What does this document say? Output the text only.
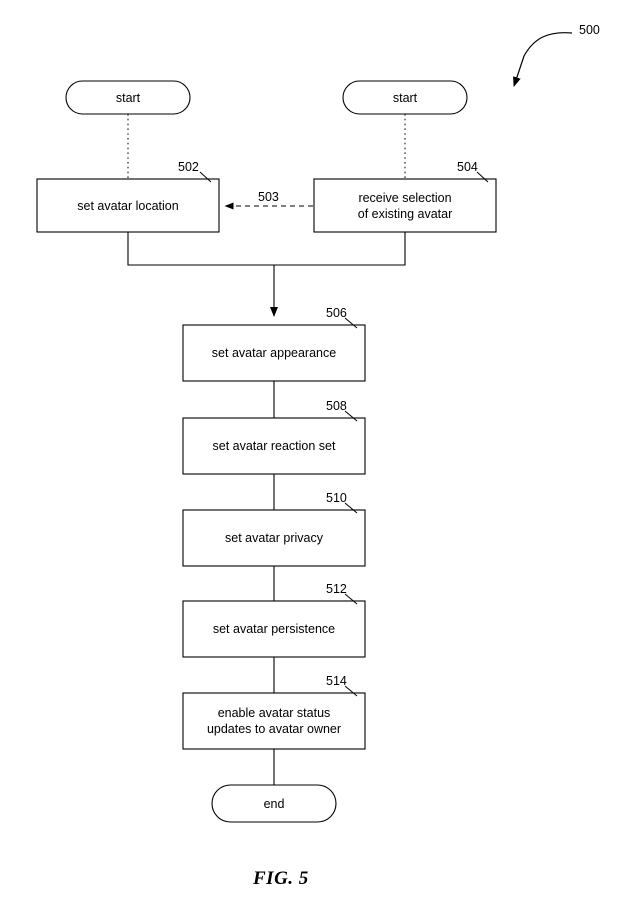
start	start
set avatar location
receive selection
of existing avatar
set avatar appearance
set avatar reaction set
set avatar privacy
set avatar persistence
enable avatar status
updates to avatar owner
end
500
502	504
503
506
508
510
512
514
FIG. 5
